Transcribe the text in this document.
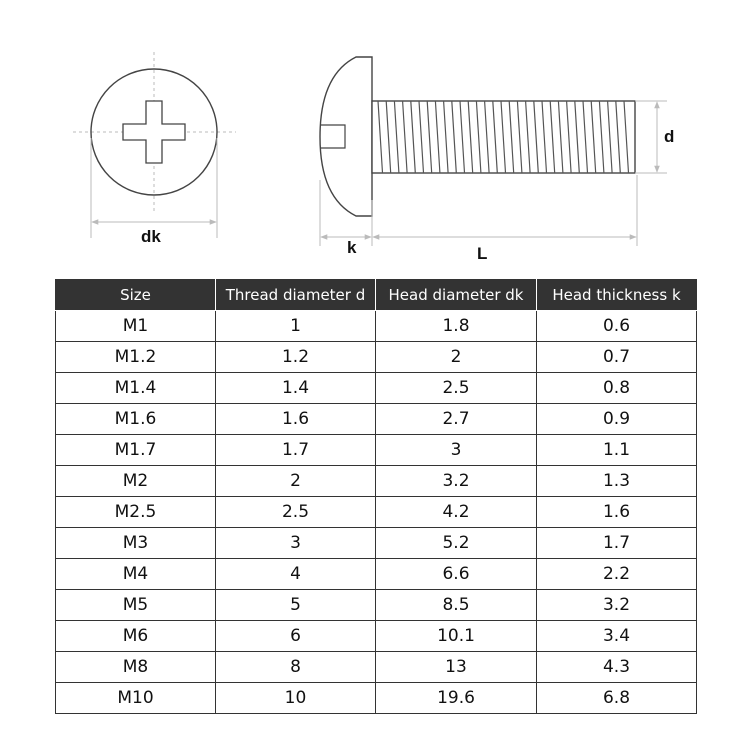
dk
k	L
d
Size	Thread diameter d	Head diameter dk	Head thickness k
M1	1	1.8	0.6
M1.2	1.2	2	0.7
M1.4	1.4	2.5	0.8
M1.6	1.6	2.7	0.9
M1.7	1.7	3	1.1
M2	2	3.2	1.3
M2.5	2.5	4.2	1.6
M3	3	5.2	1.7
M4	4	6.6	2.2
M5	5	8.5	3.2
M6	6	10.1	3.4
M8	8	13	4.3
M10	10	19.6	6.8
